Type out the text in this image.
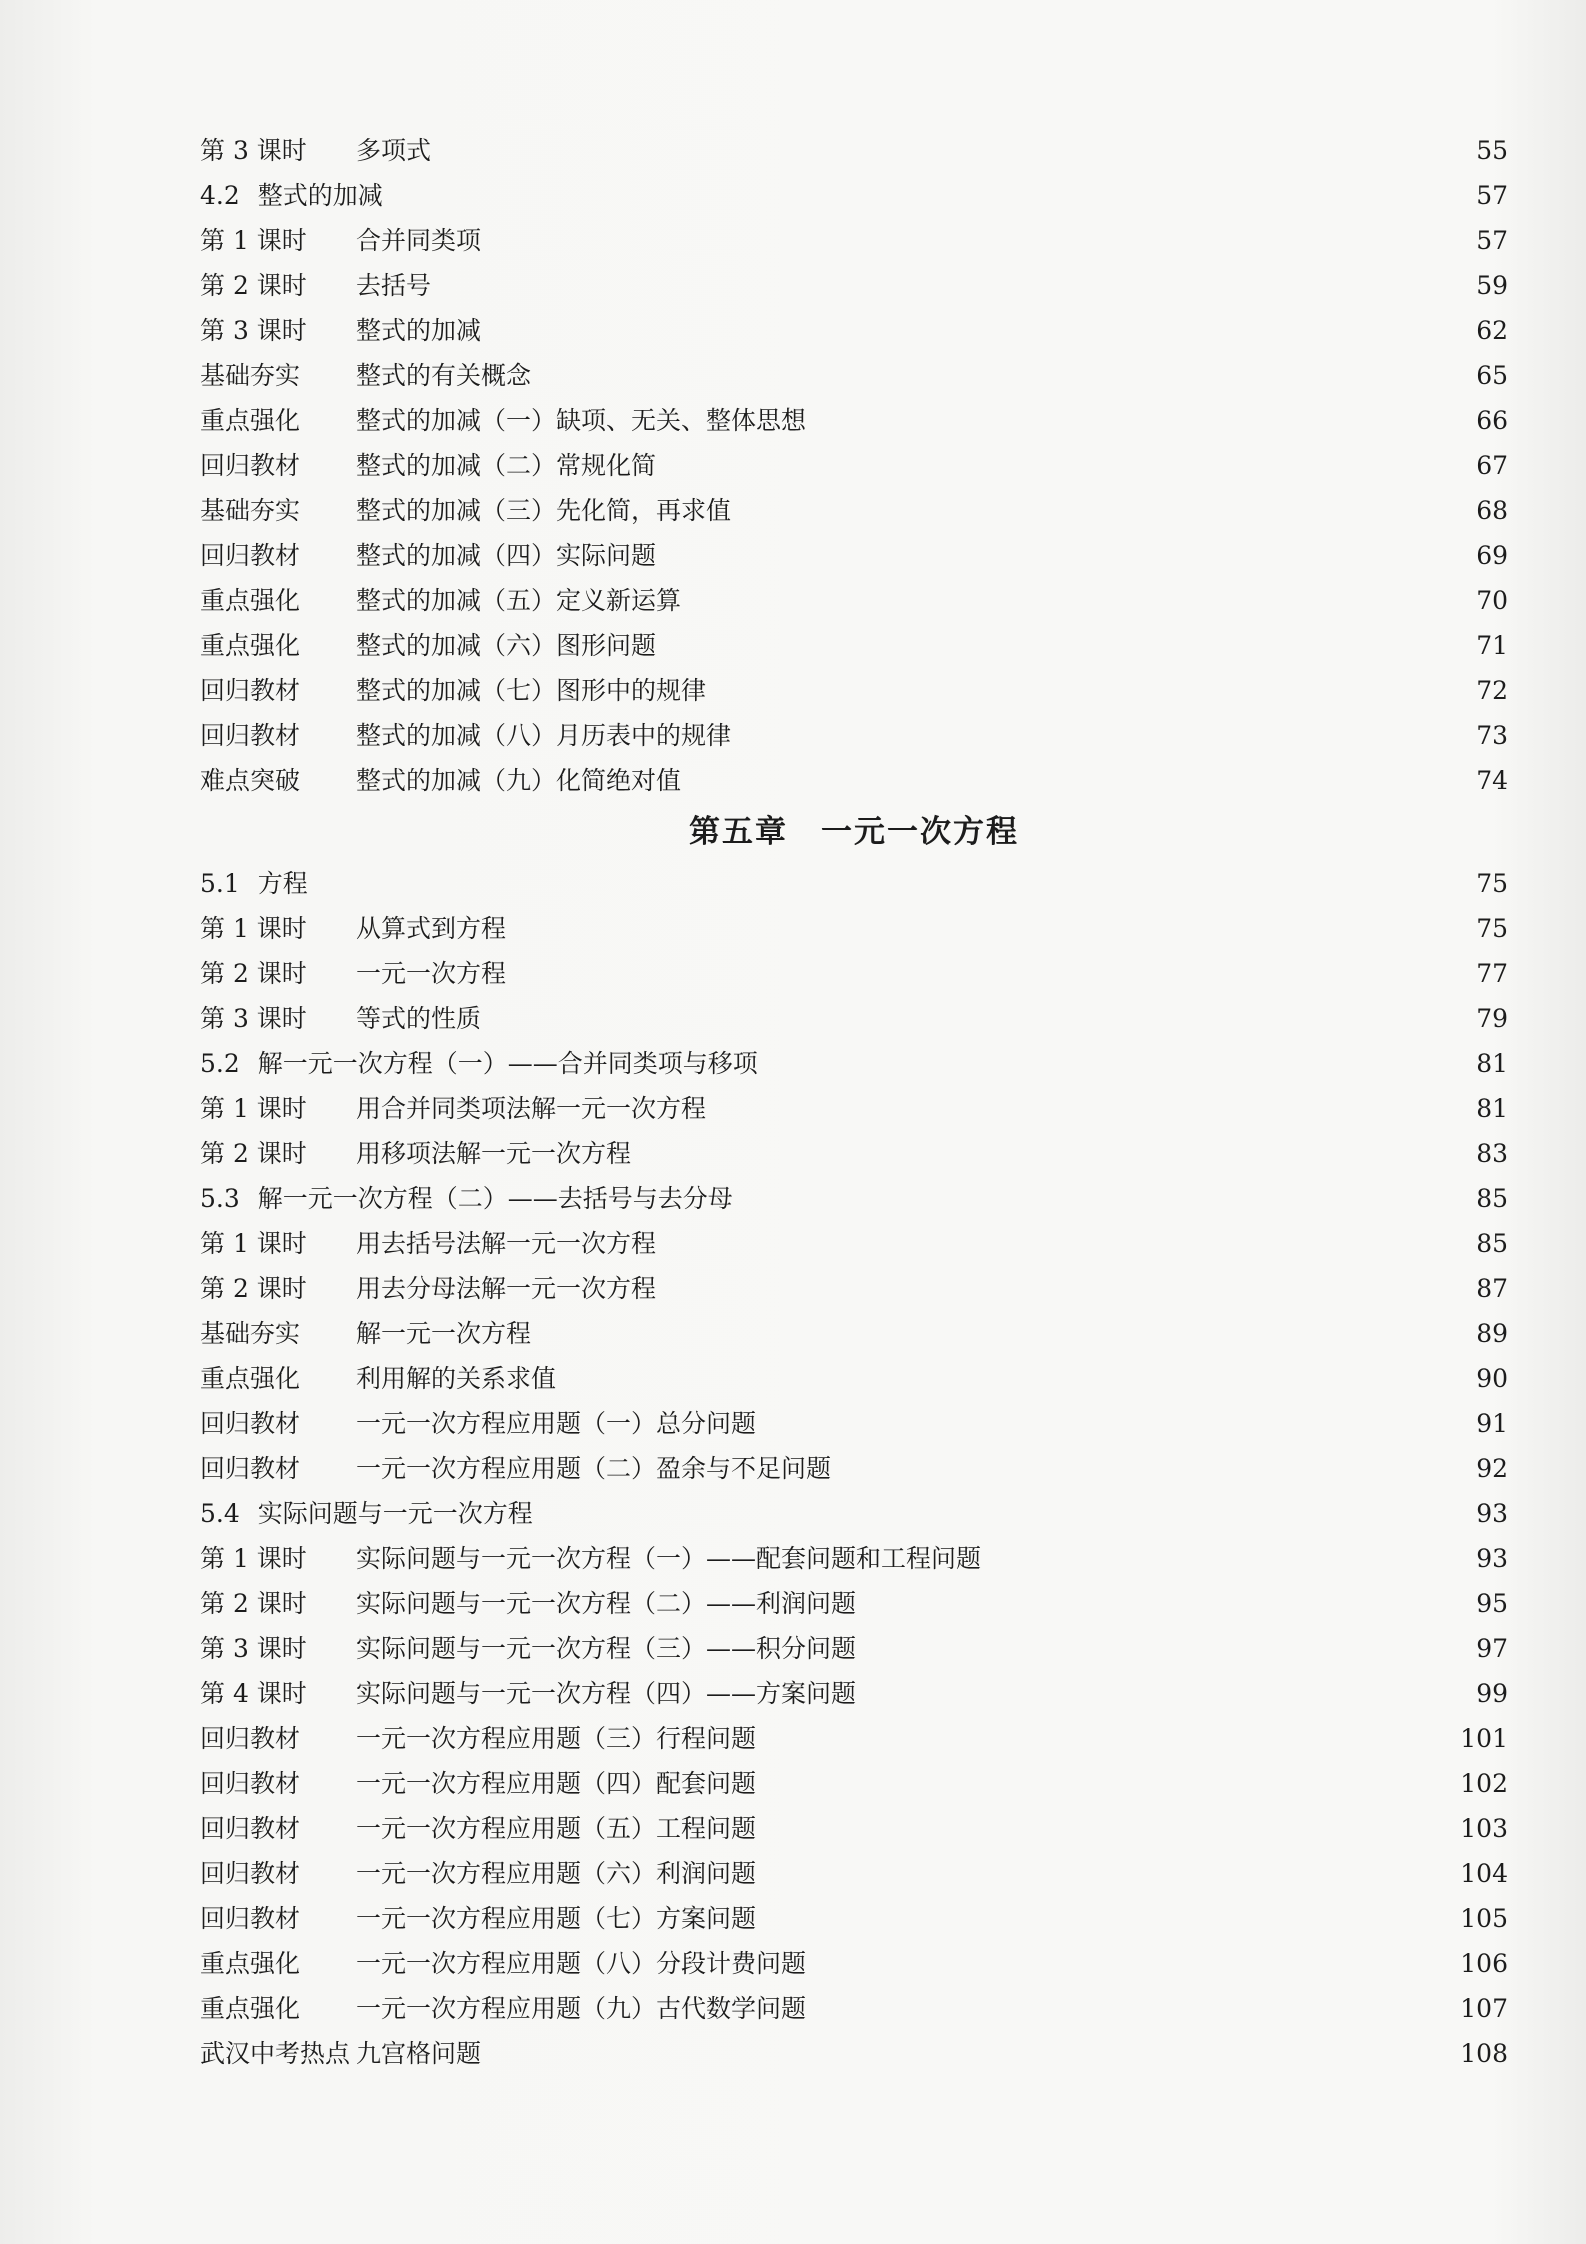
第 3 课时	多项式	55
4.2 整式的加减	57
第 1 课时	合并同类项	57
第 2 课时	去括号	59
第 3 课时	整式的加减	62
基础夯实	整式的有关概念	65
重点强化	整式的加减（一）缺项、无关、整体思想	66
回归教材	整式的加减（二）常规化简	67
基础夯实	整式的加减（三）先化简，再求值	68
回归教材	整式的加减（四）实际问题	69
重点强化	整式的加减（五）定义新运算	70
重点强化	整式的加减（六）图形问题	71
回归教材	整式的加减（七）图形中的规律	72
回归教材	整式的加减（八）月历表中的规律	73
难点突破	整式的加减（九）化简绝对值	74
第五章　一元一次方程
5.1 方程	75
第 1 课时	从算式到方程	75
第 2 课时	一元一次方程	77
第 3 课时	等式的性质	79
5.2 解一元一次方程（一）——合并同类项与移项	81
第 1 课时	用合并同类项法解一元一次方程	81
第 2 课时	用移项法解一元一次方程	83
5.3 解一元一次方程（二）——去括号与去分母	85
第 1 课时	用去括号法解一元一次方程	85
第 2 课时	用去分母法解一元一次方程	87
基础夯实	解一元一次方程	89
重点强化	利用解的关系求值	90
回归教材	一元一次方程应用题（一）总分问题	91
回归教材	一元一次方程应用题（二）盈余与不足问题	92
5.4 实际问题与一元一次方程	93
第 1 课时	实际问题与一元一次方程（一）——配套问题和工程问题	93
第 2 课时	实际问题与一元一次方程（二）——利润问题	95
第 3 课时	实际问题与一元一次方程（三）——积分问题	97
第 4 课时	实际问题与一元一次方程（四）——方案问题	99
回归教材	一元一次方程应用题（三）行程问题	101
回归教材	一元一次方程应用题（四）配套问题	102
回归教材	一元一次方程应用题（五）工程问题	103
回归教材	一元一次方程应用题（六）利润问题	104
回归教材	一元一次方程应用题（七）方案问题	105
重点强化	一元一次方程应用题（八）分段计费问题	106
重点强化	一元一次方程应用题（九）古代数学问题	107
武汉中考热点 九宫格问题	108
